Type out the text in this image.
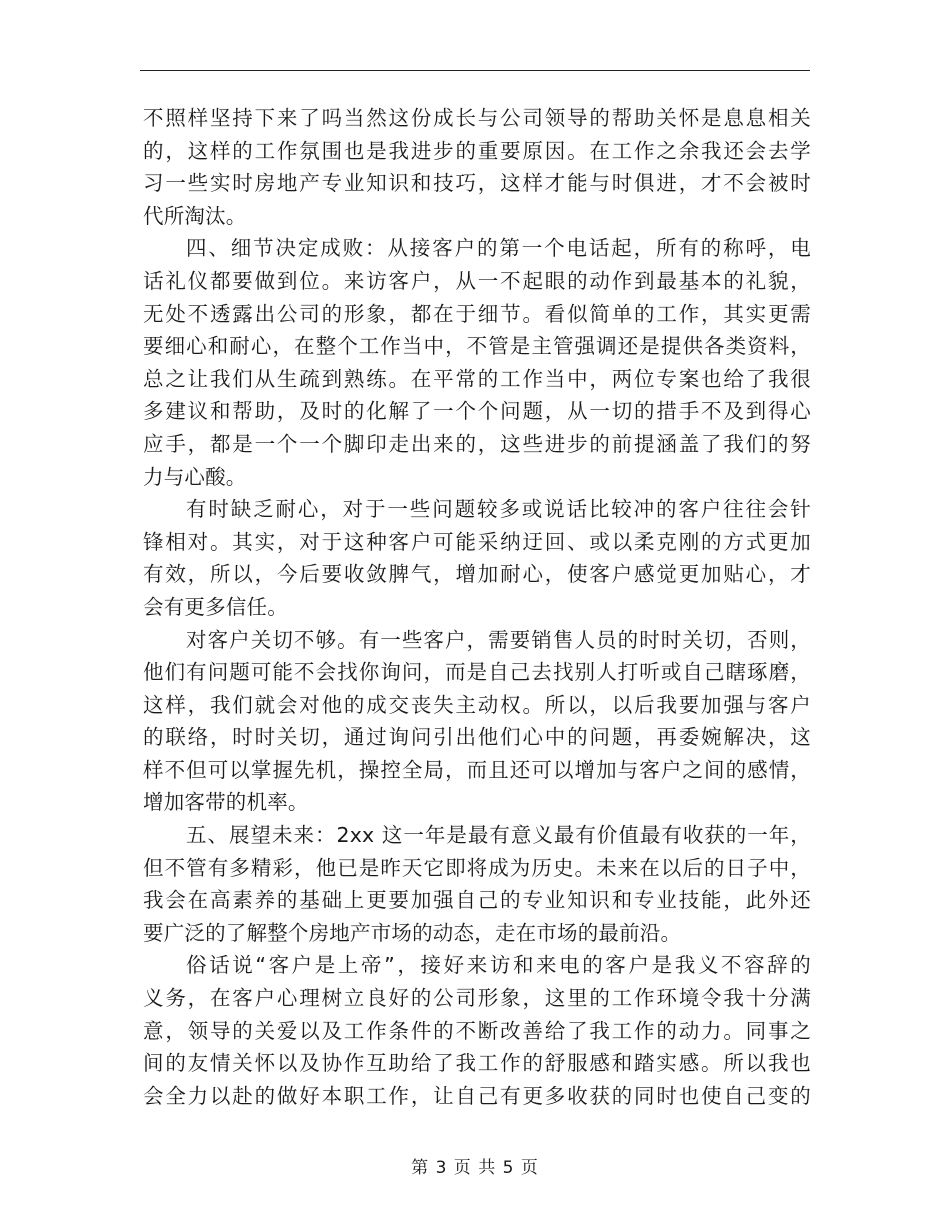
不照样坚持下来了吗当然这份成长与公司领导的帮助关怀是息息相关
的，这样的工作氛围也是我进步的重要原因。在工作之余我还会去学
习一些实时房地产专业知识和技巧，这样才能与时俱进，才不会被时
代所淘汰。
四、细节决定成败：从接客户的第一个电话起，所有的称呼，电
话礼仪都要做到位。来访客户，从一不起眼的动作到最基本的礼貌，
无处不透露出公司的形象，都在于细节。看似简单的工作，其实更需
要细心和耐心，在整个工作当中，不管是主管强调还是提供各类资料，
总之让我们从生疏到熟练。在平常的工作当中，两位专案也给了我很
多建议和帮助，及时的化解了一个个问题，从一切的措手不及到得心
应手，都是一个一个脚印走出来的，这些进步的前提涵盖了我们的努
力与心酸。
有时缺乏耐心，对于一些问题较多或说话比较冲的客户往往会针
锋相对。其实，对于这种客户可能采纳迂回、或以柔克刚的方式更加
有效，所以，今后要收敛脾气，增加耐心，使客户感觉更加贴心，才
会有更多信任。
对客户关切不够。有一些客户，需要销售人员的时时关切，否则，
他们有问题可能不会找你询问，而是自己去找别人打听或自己瞎琢磨，
这样，我们就会对他的成交丧失主动权。所以，以后我要加强与客户
的联络，时时关切，通过询问引出他们心中的问题，再委婉解决，这
样不但可以掌握先机，操控全局，而且还可以增加与客户之间的感情，
增加客带的机率。
五、展望未来：2xx 这一年是最有意义最有价值最有收获的一年，
但不管有多精彩，他已是昨天它即将成为历史。未来在以后的日子中，
我会在高素养的基础上更要加强自己的专业知识和专业技能，此外还
要广泛的了解整个房地产市场的动态，走在市场的最前沿。
俗话说“客户是上帝”，接好来访和来电的客户是我义不容辞的
义务，在客户心理树立良好的公司形象，这里的工作环境令我十分满
意，领导的关爱以及工作条件的不断改善给了我工作的动力。同事之
间的友情关怀以及协作互助给了我工作的舒服感和踏实感。所以我也
会全力以赴的做好本职工作，让自己有更多收获的同时也使自己变的
第 3 页 共 5 页
